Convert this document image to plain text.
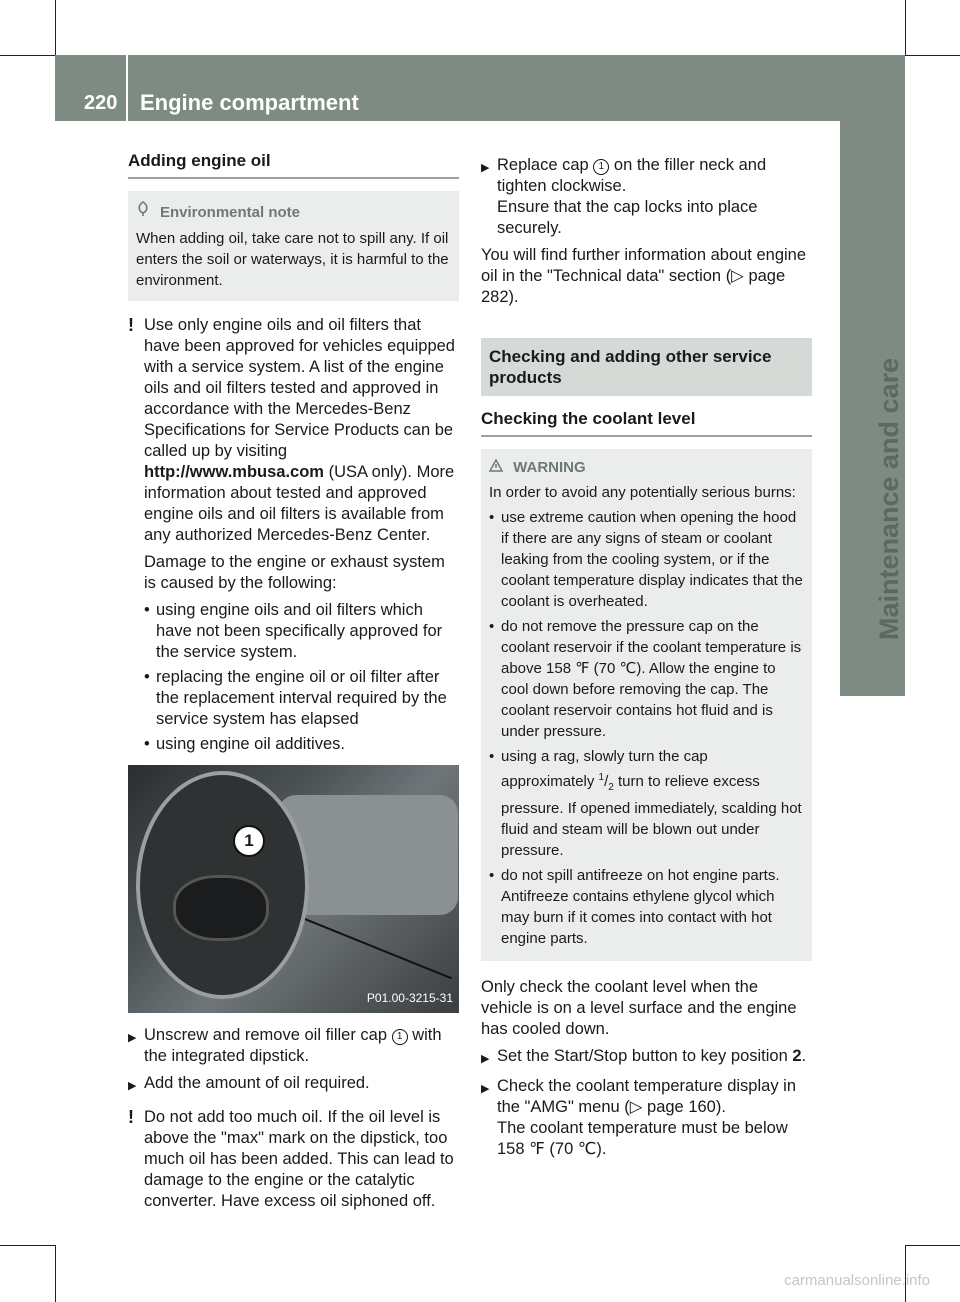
220 Engine compartment
Maintenance and care
Adding engine oil
Environmental note
When adding oil, take care not to spill any. If oil enters the soil or waterways, it is harmful to the environment.
! Use only engine oils and oil filters that have been approved for vehicles equipped with a service system. A list of the engine oils and oil filters tested and approved in accordance with the Mercedes-Benz Specifications for Service Products can be called up by visiting http://www.mbusa.com (USA only). More information about tested and approved engine oils and oil filters is available from any authorized Mercedes-Benz Center.

Damage to the engine or exhaust system is caused by the following:

• using engine oils and oil filters which have not been specifically approved for the service system.
• replacing the engine oil or oil filter after the replacement interval required by the service system has elapsed
• using engine oil additives.
1
P01.00-3215-31
▶ Unscrew and remove oil filler cap 1 with the integrated dipstick.
▶ Add the amount of oil required.
! Do not add too much oil. If the oil level is above the "max" mark on the dipstick, too much oil has been added. This can lead to damage to the engine or the catalytic converter. Have excess oil siphoned off.
▶ Replace cap 1 on the filler neck and tighten clockwise.
Ensure that the cap locks into place securely.

You will find further information about engine oil in the "Technical data" section (▷ page 282).

Checking and adding other service products
Checking the coolant level
WARNING
In order to avoid any potentially serious burns:
• use extreme caution when opening the hood if there are any signs of steam or coolant leaking from the cooling system, or if the coolant temperature display indicates that the coolant is overheated.
• do not remove the pressure cap on the coolant reservoir if the coolant temperature is above 158 ℉ (70 ℃). Allow the engine to cool down before removing the cap. The coolant reservoir contains hot fluid and is under pressure.
• using a rag, slowly turn the cap approximately $^1/_2$ turn to relieve excess pressure. If opened immediately, scalding hot fluid and steam will be blown out under pressure.
• do not spill antifreeze on hot engine parts. Antifreeze contains ethylene glycol which may burn if it comes into contact with hot engine parts.

Only check the coolant level when the vehicle is on a level surface and the engine has cooled down.

▶ Set the Start/Stop button to key position 2.
▶ Check the coolant temperature display in the "AMG" menu (▷ page 160).
The coolant temperature must be below 158 ℉ (70 ℃).
carmanualsonline.info
